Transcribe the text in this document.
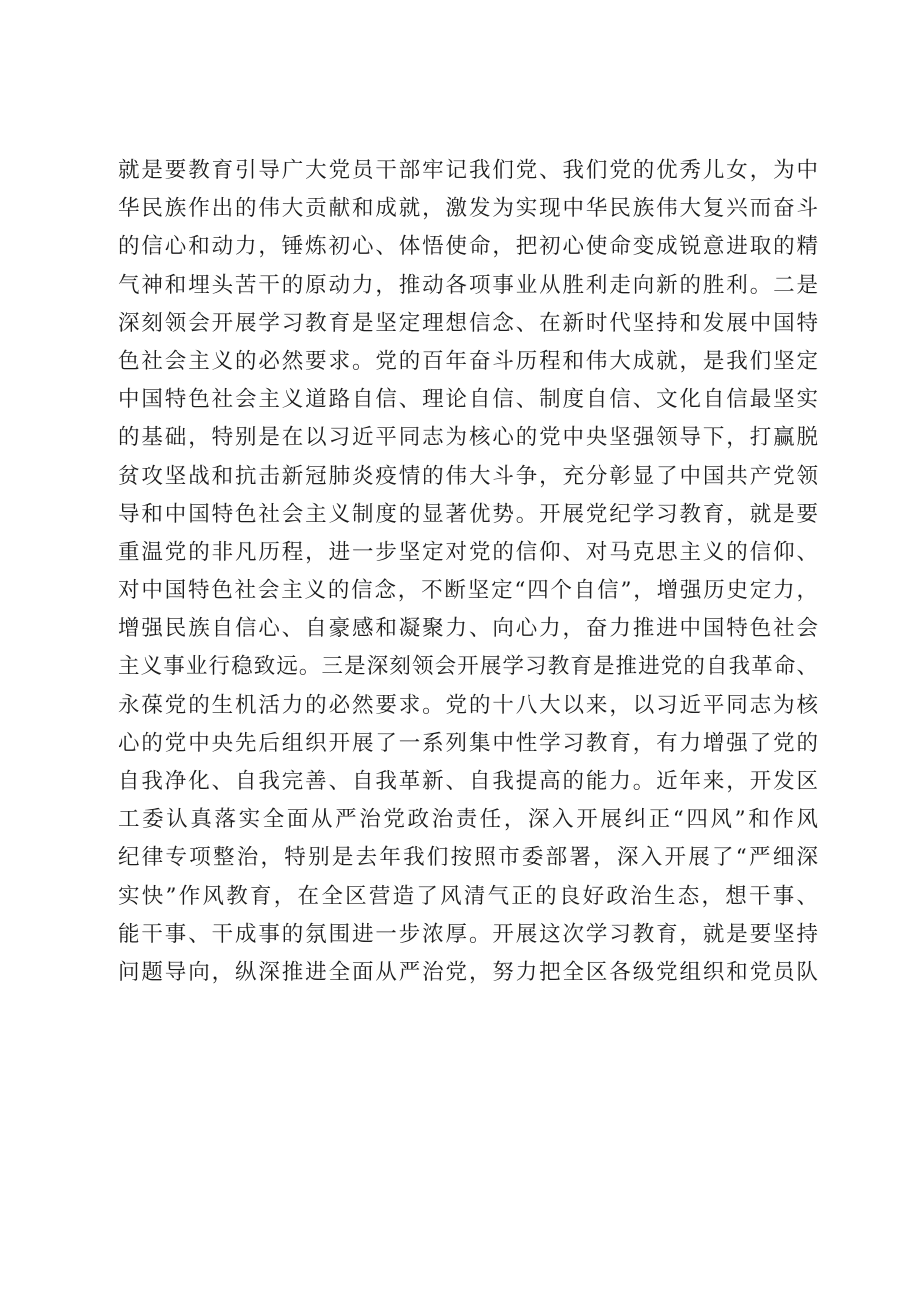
就是要教育引导广大党员干部牢记我们党、我们党的优秀儿女，为中
华民族作出的伟大贡献和成就，激发为实现中华民族伟大复兴而奋斗
的信心和动力，锤炼初心、体悟使命，把初心使命变成锐意进取的精
气神和埋头苦干的原动力，推动各项事业从胜利走向新的胜利。二是
深刻领会开展学习教育是坚定理想信念、在新时代坚持和发展中国特
色社会主义的必然要求。党的百年奋斗历程和伟大成就，是我们坚定
中国特色社会主义道路自信、理论自信、制度自信、文化自信最坚实
的基础，特别是在以习近平同志为核心的党中央坚强领导下，打赢脱
贫攻坚战和抗击新冠肺炎疫情的伟大斗争，充分彰显了中国共产党领
导和中国特色社会主义制度的显著优势。开展党纪学习教育，就是要
重温党的非凡历程，进一步坚定对党的信仰、对马克思主义的信仰、
对中国特色社会主义的信念，不断坚定“四个自信”，增强历史定力，
增强民族自信心、自豪感和凝聚力、向心力，奋力推进中国特色社会
主义事业行稳致远。三是深刻领会开展学习教育是推进党的自我革命、
永葆党的生机活力的必然要求。党的十八大以来，以习近平同志为核
心的党中央先后组织开展了一系列集中性学习教育，有力增强了党的
自我净化、自我完善、自我革新、自我提高的能力。近年来，开发区
工委认真落实全面从严治党政治责任，深入开展纠正“四风”和作风
纪律专项整治，特别是去年我们按照市委部署，深入开展了“严细深
实快”作风教育，在全区营造了风清气正的良好政治生态，想干事、
能干事、干成事的氛围进一步浓厚。开展这次学习教育，就是要坚持
问题导向，纵深推进全面从严治党，努力把全区各级党组织和党员队
